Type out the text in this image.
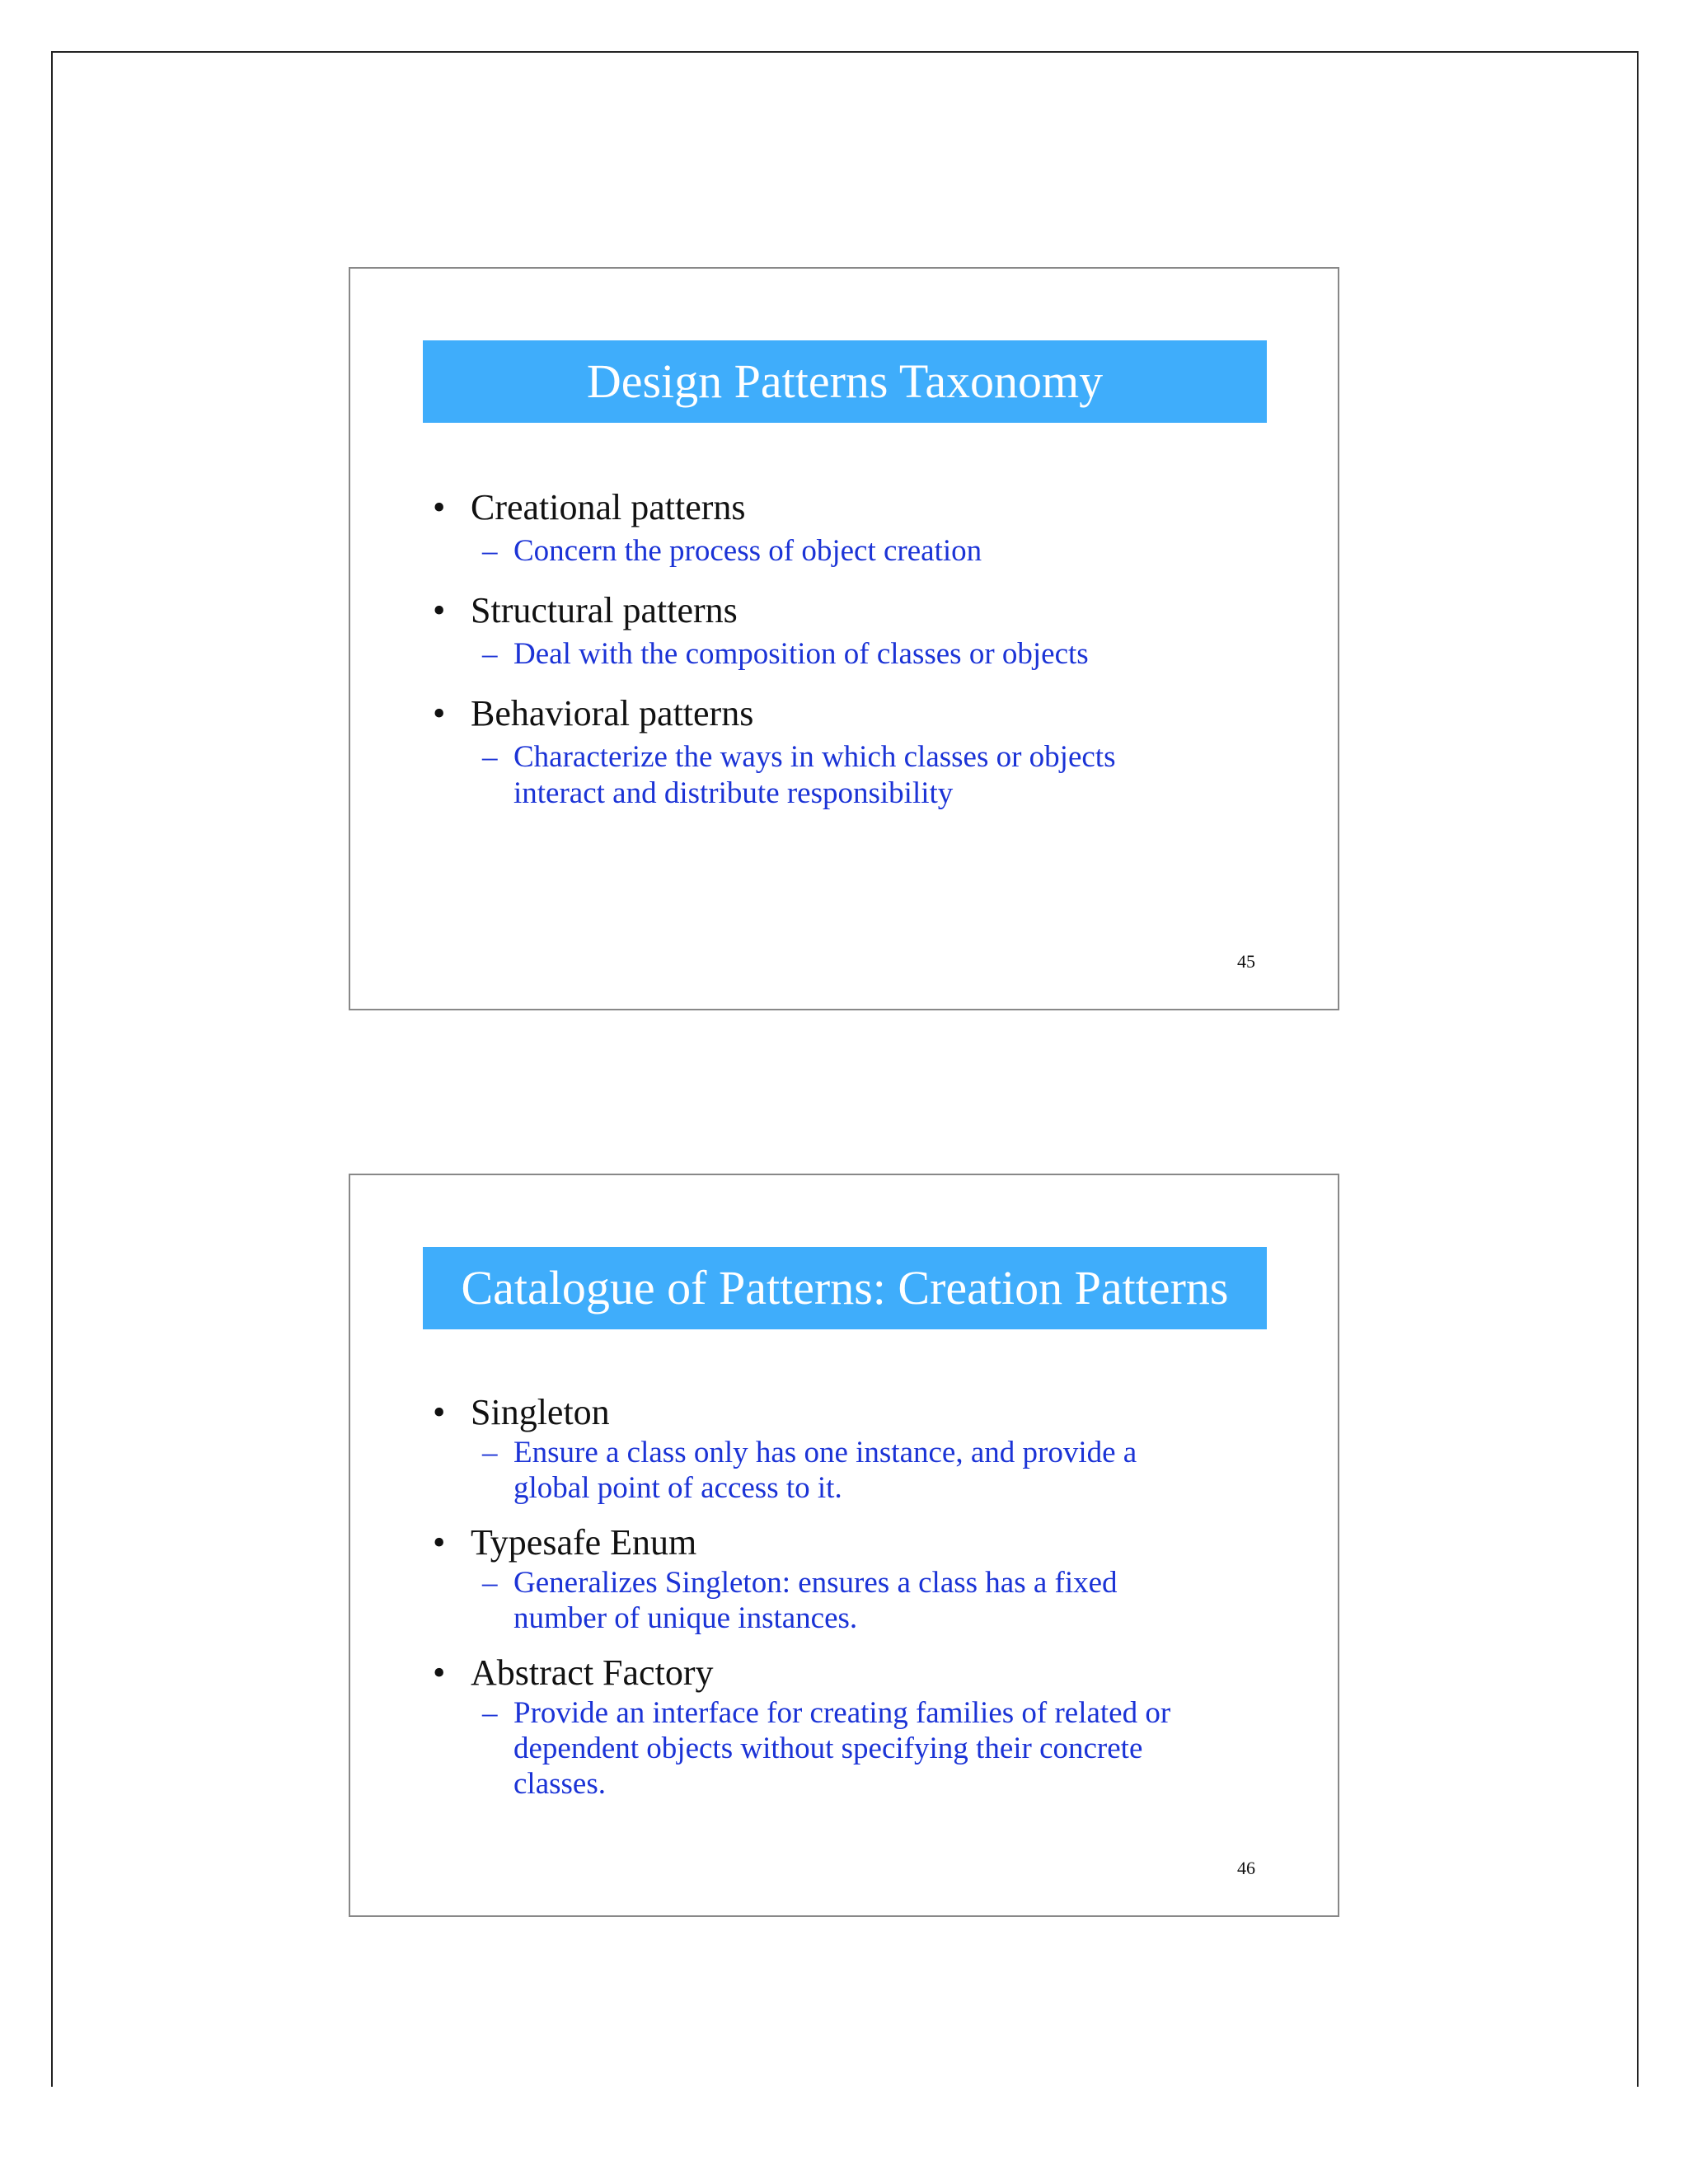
Design Patterns Taxonomy
• Creational patterns
– Concern the process of object creation
• Structural patterns
– Deal with the composition of classes or objects
• Behavioral patterns
– Characterize the ways in which classes or objects
interact and distribute responsibility
45
Catalogue of Patterns: Creation Patterns
• Singleton
– Ensure a class only has one instance, and provide a
global point of access to it.
• Typesafe Enum
– Generalizes Singleton: ensures a class has a fixed
number of unique instances.
• Abstract Factory
– Provide an interface for creating families of related or
dependent objects without specifying their concrete
classes.
46
